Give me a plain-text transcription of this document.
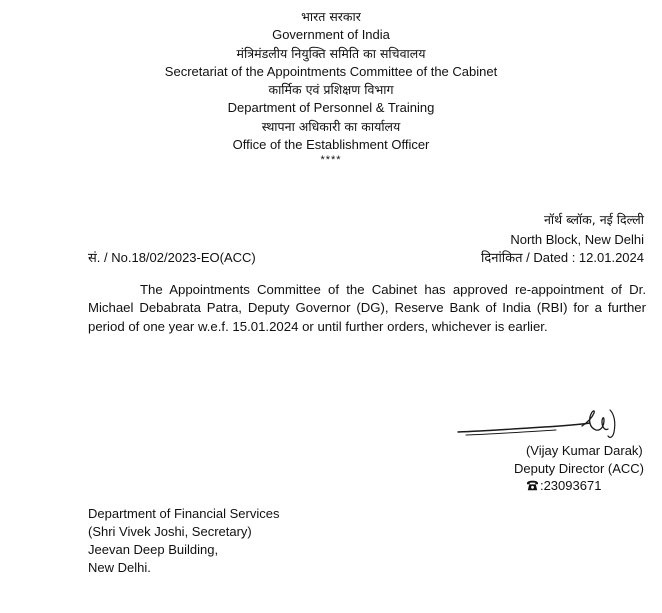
भारत सरकार
Government of India
मंत्रिमंडलीय नियुक्ति समिति का सचिवालय
Secretariat of the Appointments Committee of the Cabinet
कार्मिक एवं प्रशिक्षण विभाग
Department of Personnel & Training
स्थापना अधिकारी का कार्यालय
Office of the Establishment Officer
****
नॉर्थ ब्लॉक, नई दिल्ली
North Block, New Delhi
सं. / No.18/02/2023-EO(ACC)	दिनांकित / Dated : 12.01.2024
The Appointments Committee of the Cabinet has approved re-appointment of Dr. Michael Debabrata Patra, Deputy Governor (DG), Reserve Bank of India (RBI) for a further period of one year w.e.f. 15.01.2024 or until further orders, whichever is earlier.
(Vijay Kumar Darak)
Deputy Director (ACC)
:23093671
Department of Financial Services
(Shri Vivek Joshi, Secretary)
Jeevan Deep Building,
New Delhi.
